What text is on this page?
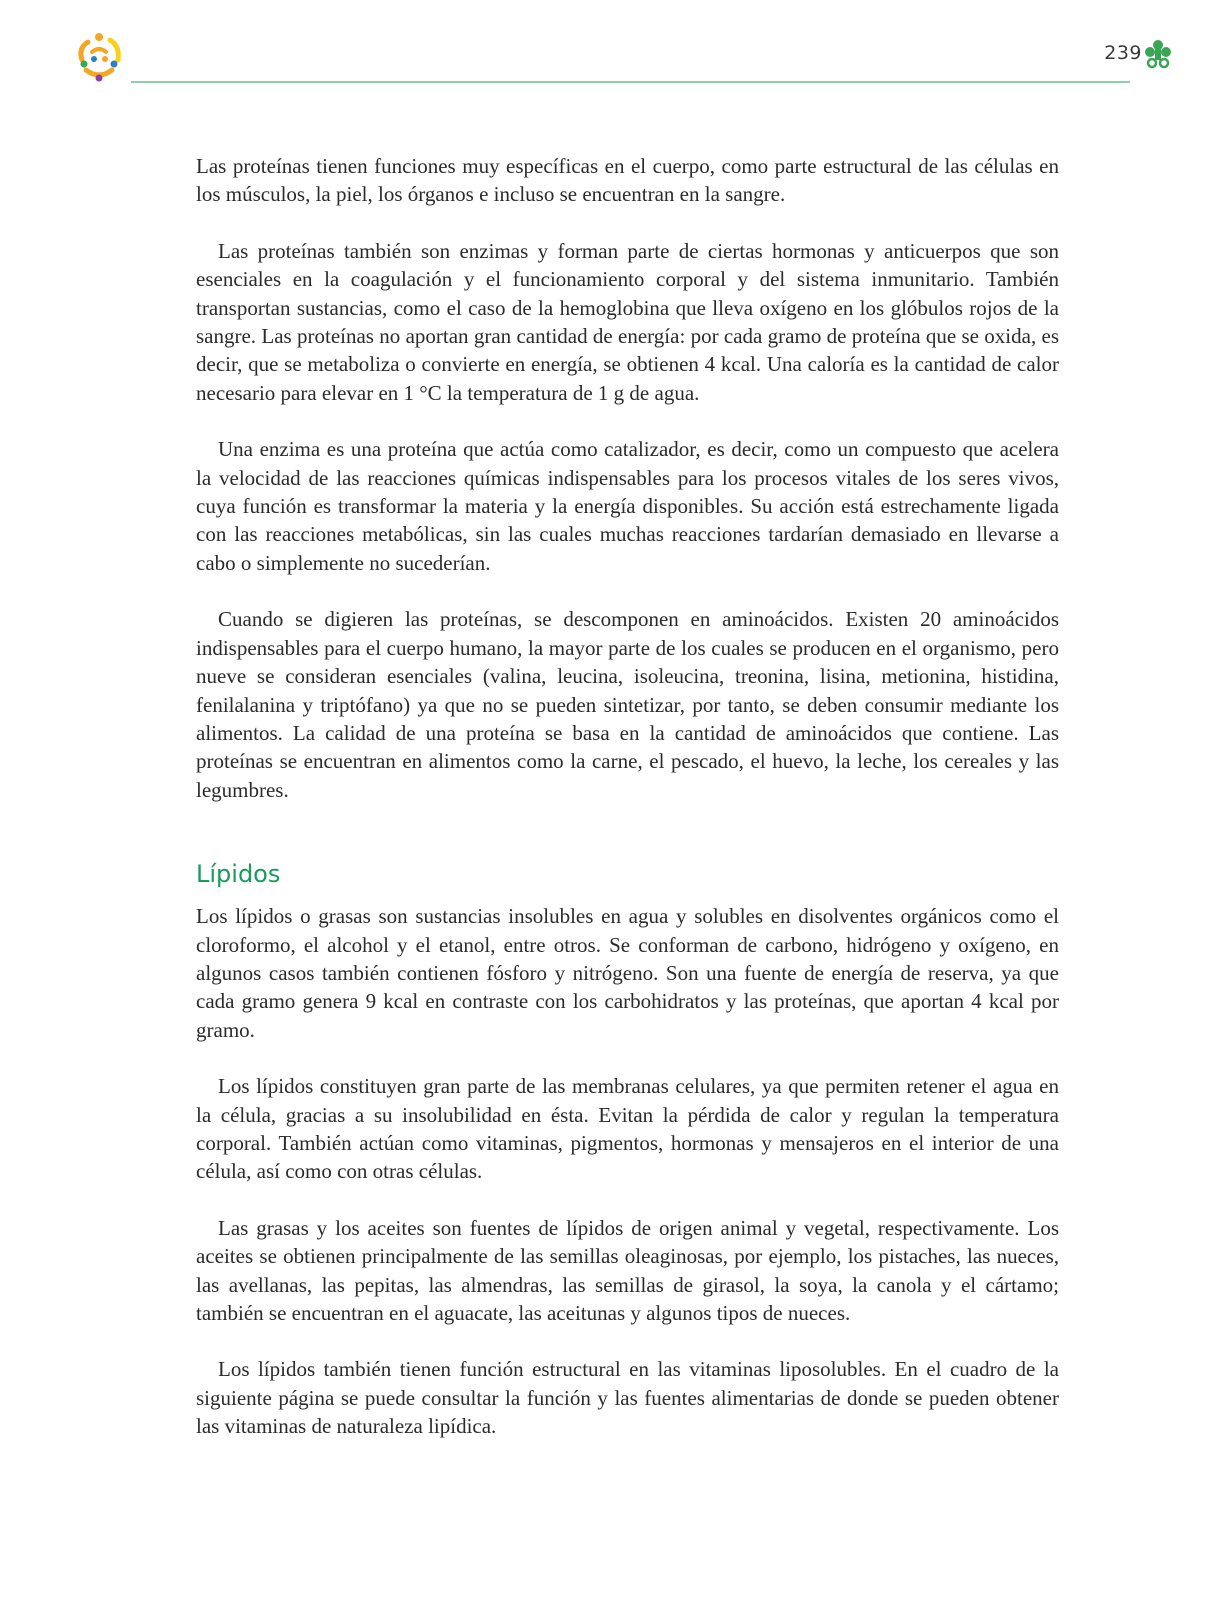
239

Las proteínas tienen funciones muy específicas en el cuerpo, como parte estructural de las células en los músculos, la piel, los órganos e incluso se encuentran en la sangre.

Las proteínas también son enzimas y forman parte de ciertas hormonas y anticuerpos que son esenciales en la coagulación y el funcionamiento corporal y del sistema inmunitario. También transportan sustancias, como el caso de la hemoglobina que lleva oxígeno en los glóbulos rojos de la sangre. Las proteínas no aportan gran cantidad de energía: por cada gramo de proteína que se oxida, es decir, que se metaboliza o convierte en energía, se obtienen 4 kcal. Una caloría es la cantidad de calor necesario para elevar en 1 °C la temperatura de 1 g de agua.

Una enzima es una proteína que actúa como catalizador, es decir, como un compuesto que acelera la velocidad de las reacciones químicas indispensables para los procesos vitales de los seres vivos, cuya función es transformar la materia y la energía disponibles. Su acción está estrechamente ligada con las reacciones metabólicas, sin las cuales muchas reacciones tardarían demasiado en llevarse a cabo o simplemente no sucederían.

Cuando se digieren las proteínas, se descomponen en aminoácidos. Existen 20 aminoácidos indispensables para el cuerpo humano, la mayor parte de los cuales se producen en el organismo, pero nueve se consideran esenciales (valina, leucina, isoleucina, treonina, lisina, metionina, histidina, fenilalanina y triptófano) ya que no se pueden sintetizar, por tanto, se deben consumir mediante los alimentos. La calidad de una proteína se basa en la cantidad de aminoácidos que contiene. Las proteínas se encuentran en alimentos como la carne, el pescado, el huevo, la leche, los cereales y las legumbres.

Lípidos

Los lípidos o grasas son sustancias insolubles en agua y solubles en disolventes orgánicos como el cloroformo, el alcohol y el etanol, entre otros. Se conforman de carbono, hidrógeno y oxígeno, en algunos casos también contienen fósforo y nitrógeno. Son una fuente de energía de reserva, ya que cada gramo genera 9 kcal en contraste con los carbohidratos y las proteínas, que aportan 4 kcal por gramo.

Los lípidos constituyen gran parte de las membranas celulares, ya que permiten retener el agua en la célula, gracias a su insolubilidad en ésta. Evitan la pérdida de calor y regulan la temperatura corporal. También actúan como vitaminas, pigmentos, hormonas y mensajeros en el interior de una célula, así como con otras células.

Las grasas y los aceites son fuentes de lípidos de origen animal y vegetal, respectivamente. Los aceites se obtienen principalmente de las semillas oleaginosas, por ejemplo, los pistaches, las nueces, las avellanas, las pepitas, las almendras, las semillas de girasol, la soya, la canola y el cártamo; también se encuentran en el aguacate, las aceitunas y algunos tipos de nueces.

Los lípidos también tienen función estructural en las vitaminas liposolubles. En el cuadro de la siguiente página se puede consultar la función y las fuentes alimentarias de donde se pueden obtener las vitaminas de naturaleza lipídica.
